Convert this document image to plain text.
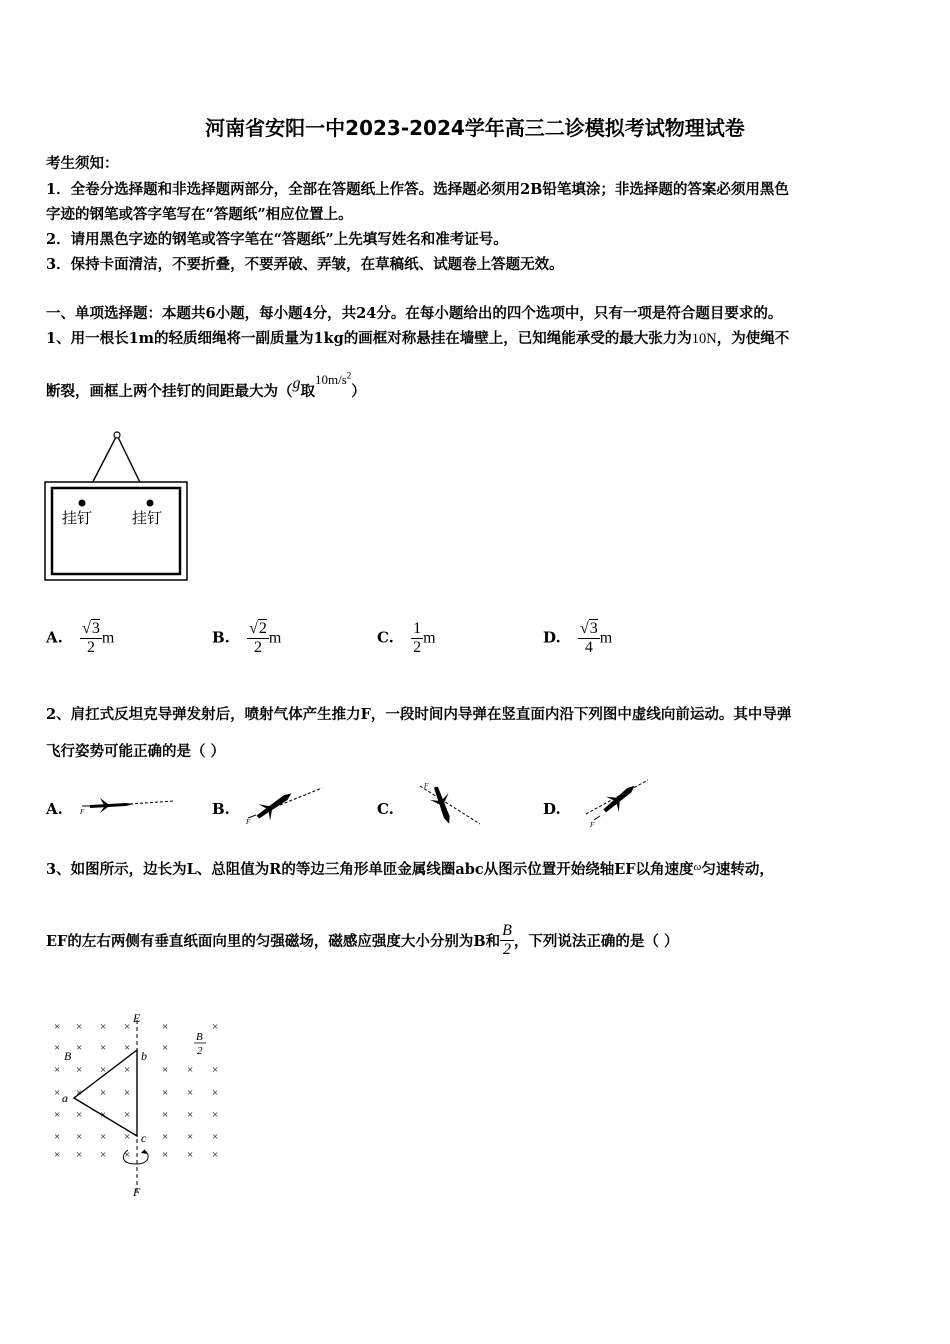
河南省安阳一中2023-2024学年高三二诊模拟考试物理试卷
考生须知：
1．全卷分选择题和非选择题两部分，全部在答题纸上作答。选择题必须用2B铅笔填涂；非选择题的答案必须用黑色
字迹的钢笔或答字笔写在“答题纸”相应位置上。
2．请用黑色字迹的钢笔或答字笔在“答题纸”上先填写姓名和准考证号。
3．保持卡面清洁，不要折叠，不要弄破、弄皱，在草稿纸、试题卷上答题无效。
一、单项选择题：本题共6小题，每小题4分，共24分。在每小题给出的四个选项中，只有一项是符合题目要求的。
1、用一根长1m的轻质细绳将一副质量为1kg的画框对称悬挂在墙壁上，已知绳能承受的最大张力为10N，为使绳不
断裂，画框上两个挂钉的间距最大为（g取$10m/s^2$）
挂钉	挂钉
A. $\frac{√3}{2}$ m	B. $\frac{√2}{2}$ m	C. $\frac{1}{2}$ m	D. $\frac{√3}{4}$ m
2、肩扛式反坦克导弹发射后，喷射气体产生推力F，一段时间内导弹在竖直面内沿下列图中虚线向前运动。其中导弹
飞行姿势可能正确的是（ ）
A. F	B.
F
C.
F
D.
F
3、如图所示，边长为L、总阻值为R的等边三角形单匝金属线圈abc从图示位置开始绕轴EF以角速度$^\omega$匀速转动，
EF的左右两侧有垂直纸面向里的匀强磁场，磁感应强度大小分别为B和 $\frac{B}{2}$ ，下列说法正确的是（ ）
× × × ×	×
× × × ×	×
× × × ×	× × ×
× × × ×	× × ×
× × × ×	× × ×
× × × ×	× × ×
× × × ×	× × ×
×
E
F
a
b
c
B
B
2
